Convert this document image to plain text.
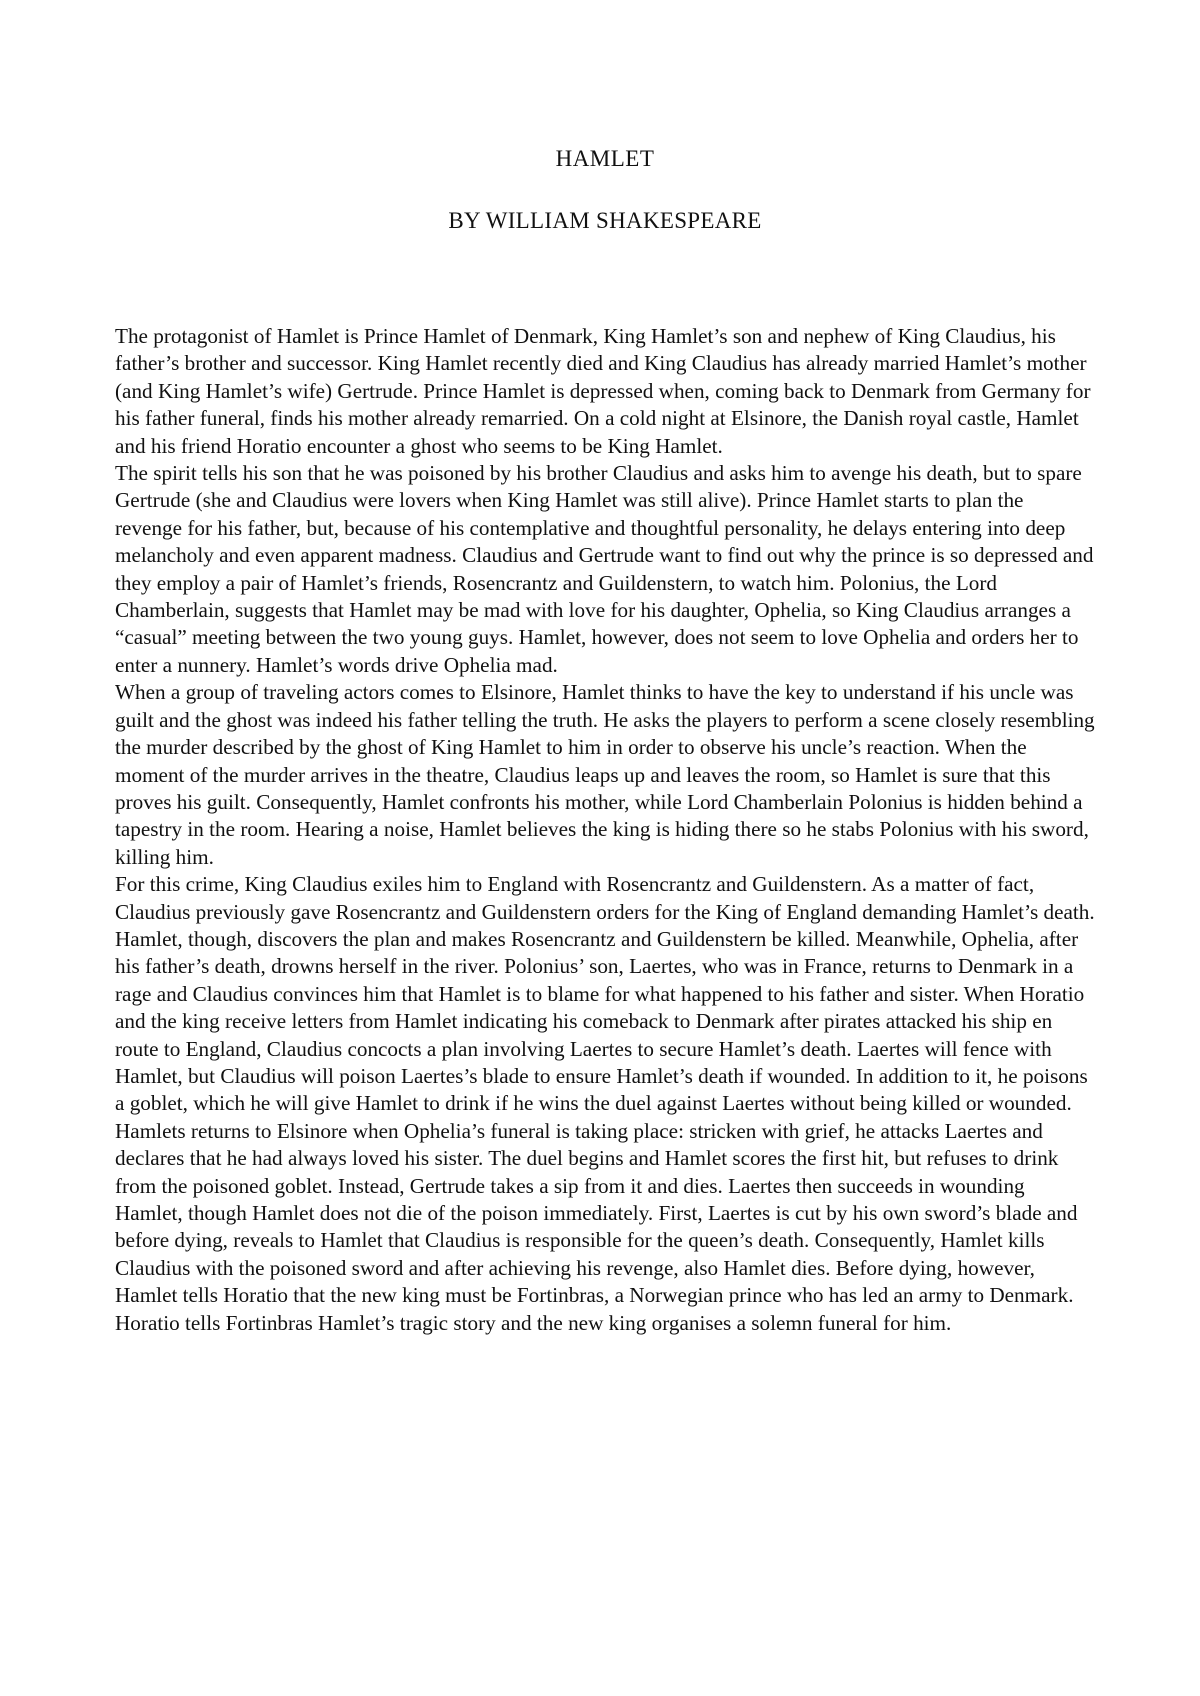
HAMLET
BY WILLIAM SHAKESPEARE

The protagonist of Hamlet is Prince Hamlet of Denmark, King Hamlet’s son and nephew of King Claudius, his father’s brother and successor. King Hamlet recently died and King Claudius has already married Hamlet’s mother (and King Hamlet’s wife) Gertrude. Prince Hamlet is depressed when, coming back to Denmark from Germany for his father funeral, finds his mother already remarried. On a cold night at Elsinore, the Danish royal castle, Hamlet and his friend Horatio encounter a ghost who seems to be King Hamlet.

The spirit tells his son that he was poisoned by his brother Claudius and asks him to avenge his death, but to spare Gertrude (she and Claudius were lovers when King Hamlet was still alive). Prince Hamlet starts to plan the revenge for his father, but, because of his contemplative and thoughtful personality, he delays entering into deep melancholy and even apparent madness. Claudius and Gertrude want to find out why the prince is so depressed and they employ a pair of Hamlet’s friends, Rosencrantz and Guildenstern, to watch him. Polonius, the Lord Chamberlain, suggests that Hamlet may be mad with love for his daughter, Ophelia, so King Claudius arranges a “casual” meeting between the two young guys. Hamlet, however, does not seem to love Ophelia and orders her to enter a nunnery. Hamlet’s words drive Ophelia mad.

When a group of traveling actors comes to Elsinore, Hamlet thinks to have the key to understand if his uncle was guilt and the ghost was indeed his father telling the truth. He asks the players to perform a scene closely resembling the murder described by the ghost of King Hamlet to him in order to observe his uncle’s reaction. When the moment of the murder arrives in the theatre, Claudius leaps up and leaves the room, so Hamlet is sure that this proves his guilt. Consequently, Hamlet confronts his mother, while Lord Chamberlain Polonius is hidden behind a tapestry in the room. Hearing a noise, Hamlet believes the king is hiding there so he stabs Polonius with his sword, killing him.

For this crime, King Claudius exiles him to England with Rosencrantz and Guildenstern. As a matter of fact, Claudius previously gave Rosencrantz and Guildenstern orders for the King of England demanding Hamlet’s death. Hamlet, though, discovers the plan and makes Rosencrantz and Guildenstern be killed. Meanwhile, Ophelia, after his father’s death, drowns herself in the river. Polonius’ son, Laertes, who was in France, returns to Denmark in a rage and Claudius convinces him that Hamlet is to blame for what happened to his father and sister. When Horatio and the king receive letters from Hamlet indicating his comeback to Denmark after pirates attacked his ship en route to England, Claudius concocts a plan involving Laertes to secure Hamlet’s death. Laertes will fence with Hamlet, but Claudius will poison Laertes’s blade to ensure Hamlet’s death if wounded. In addition to it, he poisons a goblet, which he will give Hamlet to drink if he wins the duel against Laertes without being killed or wounded. Hamlets returns to Elsinore when Ophelia’s funeral is taking place: stricken with grief, he attacks Laertes and declares that he had always loved his sister. The duel begins and Hamlet scores the first hit, but refuses to drink from the poisoned goblet. Instead, Gertrude takes a sip from it and dies. Laertes then succeeds in wounding Hamlet, though Hamlet does not die of the poison immediately. First, Laertes is cut by his own sword’s blade and before dying, reveals to Hamlet that Claudius is responsible for the queen’s death. Consequently, Hamlet kills Claudius with the poisoned sword and after achieving his revenge, also Hamlet dies. Before dying, however, Hamlet tells Horatio that the new king must be Fortinbras, a Norwegian prince who has led an army to Denmark. Horatio tells Fortinbras Hamlet’s tragic story and the new king organises a solemn funeral for him.
